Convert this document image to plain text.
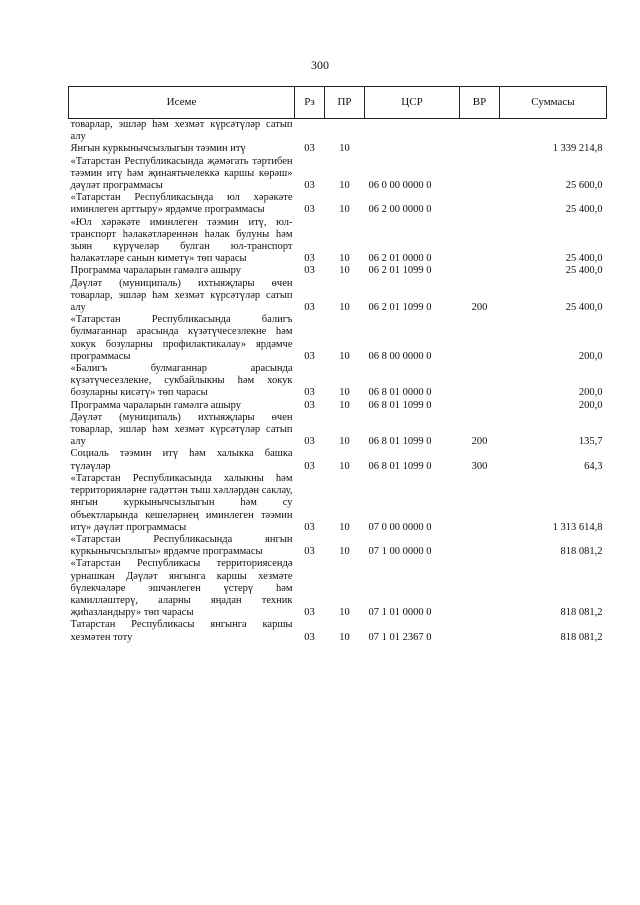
300
Исеме	Рз	ПР	ЦСР	ВР	Суммасы
товарлар, эшләр һәм хезмәт күрсәтүләр сатып алу					
Янгын куркынычсызлыгын тәэмин итү	03	10			1 339 214,8
«Татарстан Республикасында җәмәгать тәртибен тәэмин итү һәм җинаятьчелеккә каршы көрәш» дәүләт программасы	03	10	06 0 00 0000 0		25 600,0
«Татарстан Республикасында юл хәрәкәте иминлеген арттыру» ярдәмче программасы	03	10	06 2 00 0000 0		25 400,0
«Юл хәрәкәте иминлеген тәэмин итү, юл-транспорт һәлакәтләреннән һәлак булуны һәм зыян күрүчеләр булган юл-транспорт һәлакәтләре санын киметү» төп чарасы	03	10	06 2 01 0000 0		25 400,0
Программа чараларын гамәлгә ашыру	03	10	06 2 01 1099 0		25 400,0
Дәүләт (муниципаль) ихтыяҗлары өчен товарлар, эшләр һәм хезмәт күрсәтүләр сатып алу	03	10	06 2 01 1099 0	200	25 400,0
«Татарстан Республикасында балигъ булмаганнар арасында күзәтүчесезлекне һәм хокук бозуларны профилактикалау» ярдәмче программасы	03	10	06 8 00 0000 0		200,0
«Балигъ булмаганнар арасында күзәтүчесезлекне, сукбайлыкны һәм хокук бозуларны кисәтү» төп чарасы	03	10	06 8 01 0000 0		200,0
Программа чараларын гамәлгә ашыру	03	10	06 8 01 1099 0		200,0
Дәүләт (муниципаль) ихтыяҗлары өчен товарлар, эшләр һәм хезмәт күрсәтүләр сатып алу	03	10	06 8 01 1099 0	200	135,7
Социаль тәэмин итү һәм халыкка башка түләүләр	03	10	06 8 01 1099 0	300	64,3
«Татарстан Республикасында халыкны һәм территорияләрне гадәттән тыш хәлләрдән саклау, янгын куркынычсызлыгын һәм су объектларында кешеләрнең иминлеген тәэмин итү» дәүләт программасы	03	10	07 0 00 0000 0		1 313 614,8
«Татарстан Республикасында янгын куркынычсызлыгы» ярдәмче программасы	03	10	07 1 00 0000 0		818 081,2
«Татарстан Республикасы территориясендә урнашкан Дәүләт янгынга каршы хезмәте бүлекчәләре эшчәнлеген үстерү һәм камилләштерү, аларны яңадан техник җиһазландыру» төп чарасы	03	10	07 1 01 0000 0		818 081,2
Татарстан Республикасы янгынга каршы хезмәтен тоту	03	10	07 1 01 2367 0		818 081,2
